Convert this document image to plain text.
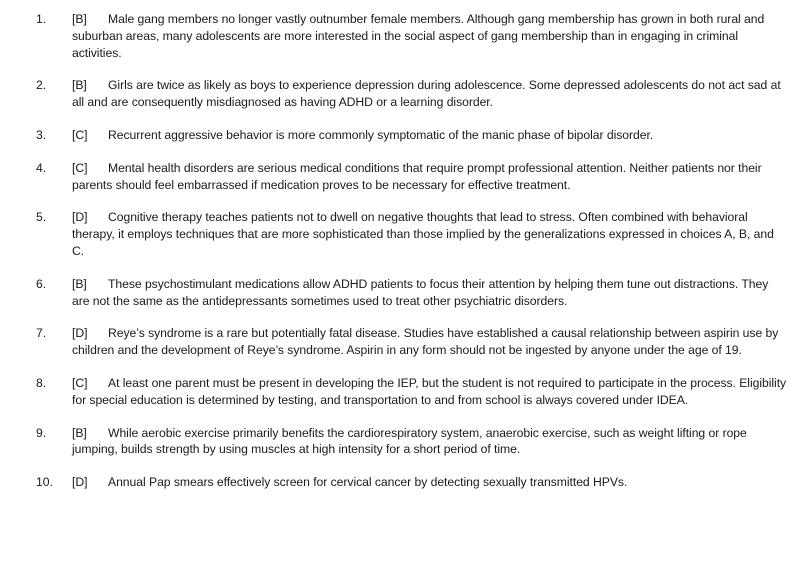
1. [B] Male gang members no longer vastly outnumber female members. Although gang membership has grown in both rural and suburban areas, many adolescents are more interested in the social aspect of gang membership than in engaging in criminal activities.
2. [B] Girls are twice as likely as boys to experience depression during adolescence. Some depressed adolescents do not act sad at all and are consequently misdiagnosed as having ADHD or a learning disorder.
3. [C] Recurrent aggressive behavior is more commonly symptomatic of the manic phase of bipolar disorder.
4. [C] Mental health disorders are serious medical conditions that require prompt professional attention. Neither patients nor their parents should feel embarrassed if medication proves to be necessary for effective treatment.
5. [D] Cognitive therapy teaches patients not to dwell on negative thoughts that lead to stress. Often combined with behavioral therapy, it employs techniques that are more sophisticated than those implied by the generalizations expressed in choices A, B, and C.
6. [B] These psychostimulant medications allow ADHD patients to focus their attention by helping them tune out distractions. They are not the same as the antidepressants sometimes used to treat other psychiatric disorders.
7. [D] Reye’s syndrome is a rare but potentially fatal disease. Studies have established a causal relationship between aspirin use by children and the development of Reye’s syndrome. Aspirin in any form should not be ingested by anyone under the age of 19.
8. [C] At least one parent must be present in developing the IEP, but the student is not required to participate in the process. Eligibility for special education is determined by testing, and transportation to and from school is always covered under IDEA.
9. [B] While aerobic exercise primarily benefits the cardiorespiratory system, anaerobic exercise, such as weight lifting or rope jumping, builds strength by using muscles at high intensity for a short period of time.
10. [D] Annual Pap smears effectively screen for cervical cancer by detecting sexually transmitted HPVs.
